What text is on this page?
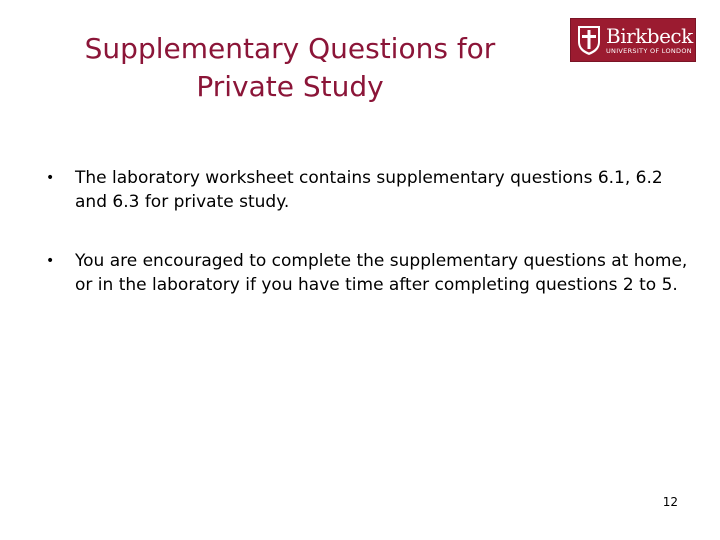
Supplementary Questions for
Private Study
Birkbeck
UNIVERSITY OF LONDON
• The laboratory worksheet contains supplementary questions 6.1, 6.2 and 6.3 for private study.
• You are encouraged to complete the supplementary questions at home, or in the laboratory if you have time after completing questions 2 to 5.
12
